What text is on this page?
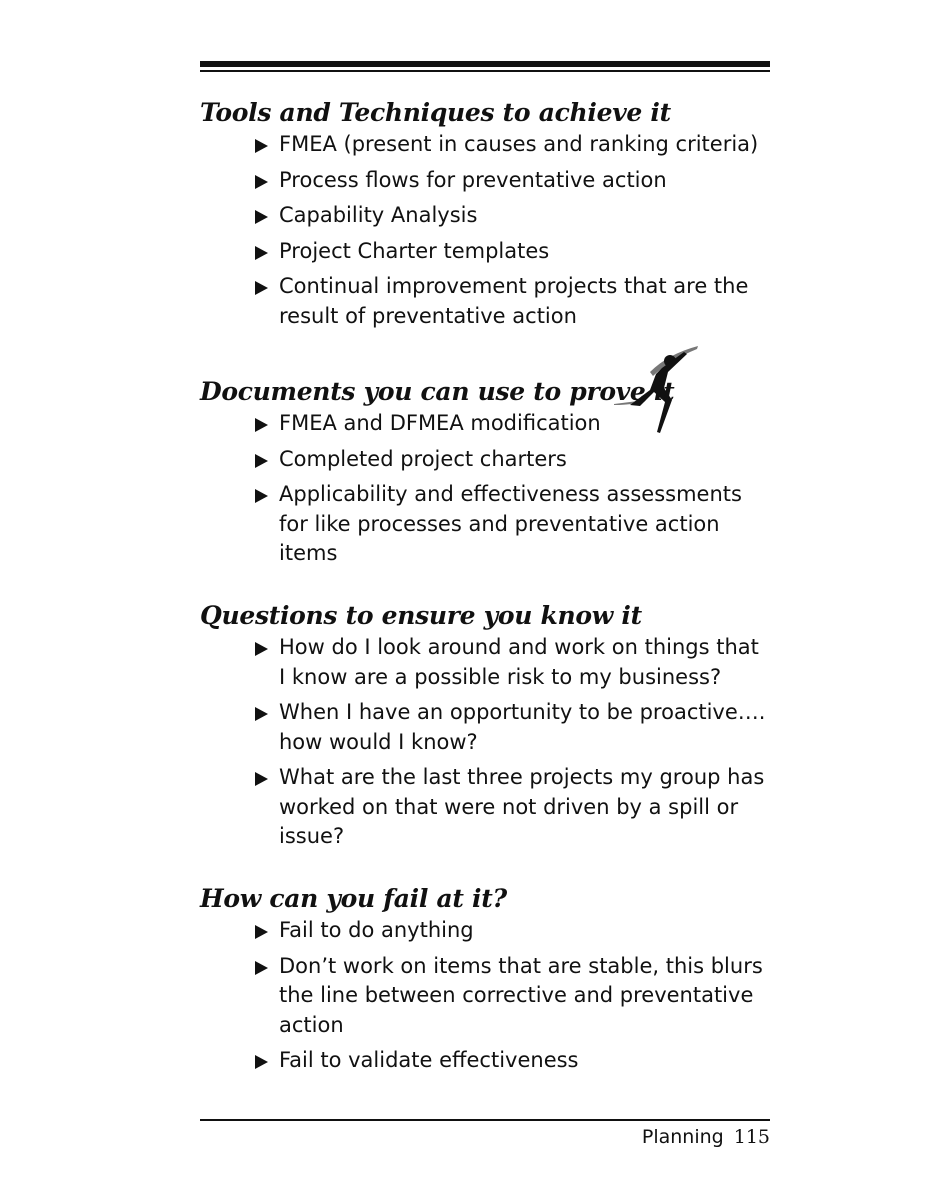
Tools and Techniques to achieve it
FMEA (present in causes and ranking criteria)
Process flows for preventative action
Capability Analysis
Project Charter templates
Continual improvement projects that are the
result of preventative action
Documents you can use to prove it
FMEA and DFMEA modification
Completed project charters
Applicability and effectiveness assessments
for like processes and preventative action
items
Questions to ensure you know it
How do I look around and work on things that
I know are a possible risk to my business?
When I have an opportunity to be proactive….
how would I know?
What are the last three projects my group has
worked on that were not driven by a spill or
issue?
How can you fail at it?
Fail to do anything
Don’t work on items that are stable, this blurs
the line between corrective and preventative
action
Fail to validate effectiveness
Planning 115
